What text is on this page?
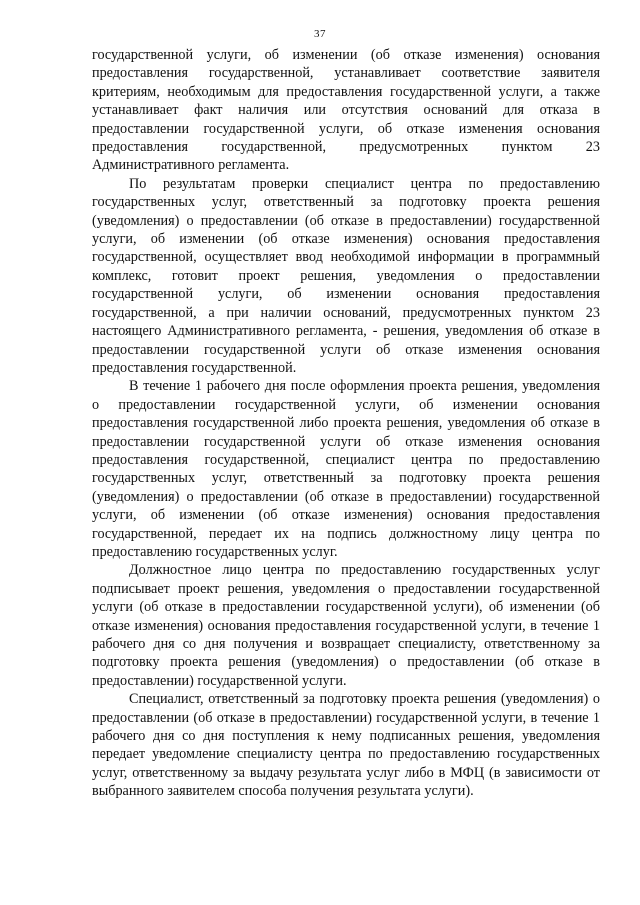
37

государственной услуги, об изменении (об отказе изменения) основания предоставления государственной, устанавливает соответствие заявителя критериям, необходимым для предоставления государственной услуги, а также устанавливает факт наличия или отсутствия оснований для отказа в предоставлении государственной услуги, об отказе изменения основания предоставления государственной, предусмотренных пунктом 23 Административного регламента.

По результатам проверки специалист центра по предоставлению государственных услуг, ответственный за подготовку проекта решения (уведомления) о предоставлении (об отказе в предоставлении) государственной услуги, об изменении (об отказе изменения) основания предоставления государственной, осуществляет ввод необходимой информации в программный комплекс, готовит проект решения, уведомления о предоставлении государственной услуги, об изменении основания предоставления государственной, а при наличии оснований, предусмотренных пунктом 23 настоящего Административного регламента, - решения, уведомления об отказе в предоставлении государственной услуги об отказе изменения основания предоставления государственной.

В течение 1 рабочего дня после оформления проекта решения, уведомления о предоставлении государственной услуги, об изменении основания предоставления государственной либо проекта решения, уведомления об отказе в предоставлении государственной услуги об отказе изменения основания предоставления государственной, специалист центра по предоставлению государственных услуг, ответственный за подготовку проекта решения (уведомления) о предоставлении (об отказе в предоставлении) государственной услуги, об изменении (об отказе изменения) основания предоставления государственной, передает их на подпись должностному лицу центра по предоставлению государственных услуг.

Должностное лицо центра по предоставлению государственных услуг подписывает проект решения, уведомления о предоставлении государственной услуги (об отказе в предоставлении государственной услуги), об изменении (об отказе изменения) основания предоставления государственной услуги, в течение 1 рабочего дня со дня получения и возвращает специалисту, ответственному за подготовку проекта решения (уведомления) о предоставлении (об отказе в предоставлении) государственной услуги.

Специалист, ответственный за подготовку проекта решения (уведомления) о предоставлении (об отказе в предоставлении) государственной услуги, в течение 1 рабочего дня со дня поступления к нему подписанных решения, уведомления передает уведомление специалисту центра по предоставлению государственных услуг, ответственному за выдачу результата услуг либо в МФЦ (в зависимости от выбранного заявителем способа получения результата услуги).
